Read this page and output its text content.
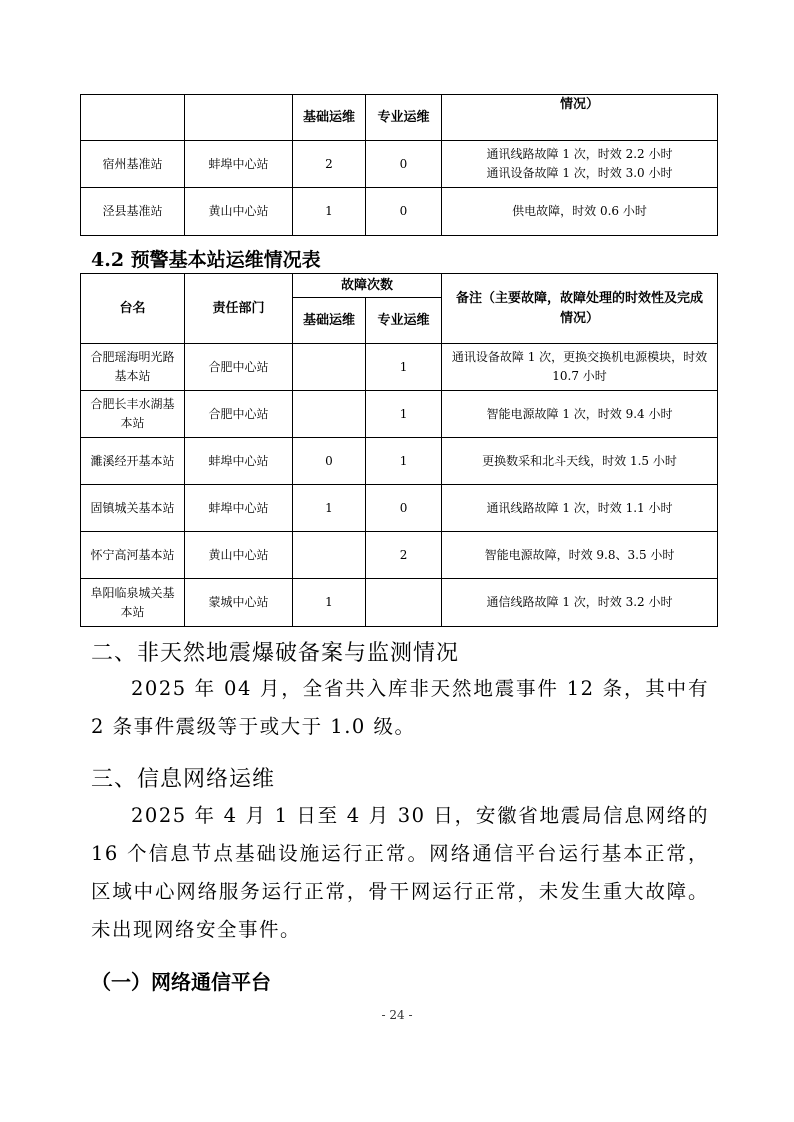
		基础运维	专业运维	情况）
宿州基准站	蚌埠中心站	2	0	通讯线路故障 1 次，时效 2.2 小时
通讯设备故障 1 次，时效 3.0 小时

泾县基准站	黄山中心站	1	0	供电故障，时效 0.6 小时
4.2 预警基本站运维情况表
台名	责任部门	故障次数		备注（主要故障，故障处理的时效性及完成情况）
		基础运维	专业运维	
合肥瑶海明光路基本站	合肥中心站		1	通讯设备故障 1 次，更换交换机电源模块，时效 10.7 小时
合肥长丰水湖基本站	合肥中心站		1	智能电源故障 1 次，时效 9.4 小时
濉溪经开基本站	蚌埠中心站	0	1	更换数采和北斗天线，时效 1.5 小时
固镇城关基本站	蚌埠中心站	1	0	通讯线路故障 1 次，时效 1.1 小时
怀宁高河基本站	黄山中心站		2	智能电源故障，时效 9.8、3.5 小时
阜阳临泉城关基本站	蒙城中心站	1		通信线路故障 1 次，时效 3.2 小时
二、非天然地震爆破备案与监测情况
2025 年 04 月，全省共入库非天然地震事件 12 条，其中有 2 条事件震级等于或大于 1.0 级。
三、信息网络运维
2025 年 4 月 1 日至 4 月 30 日，安徽省地震局信息网络的 16 个信息节点基础设施运行正常。网络通信平台运行基本正常，区域中心网络服务运行正常，骨干网运行正常，未发生重大故障。未出现网络安全事件。
（一）网络通信平台
- 24 -
